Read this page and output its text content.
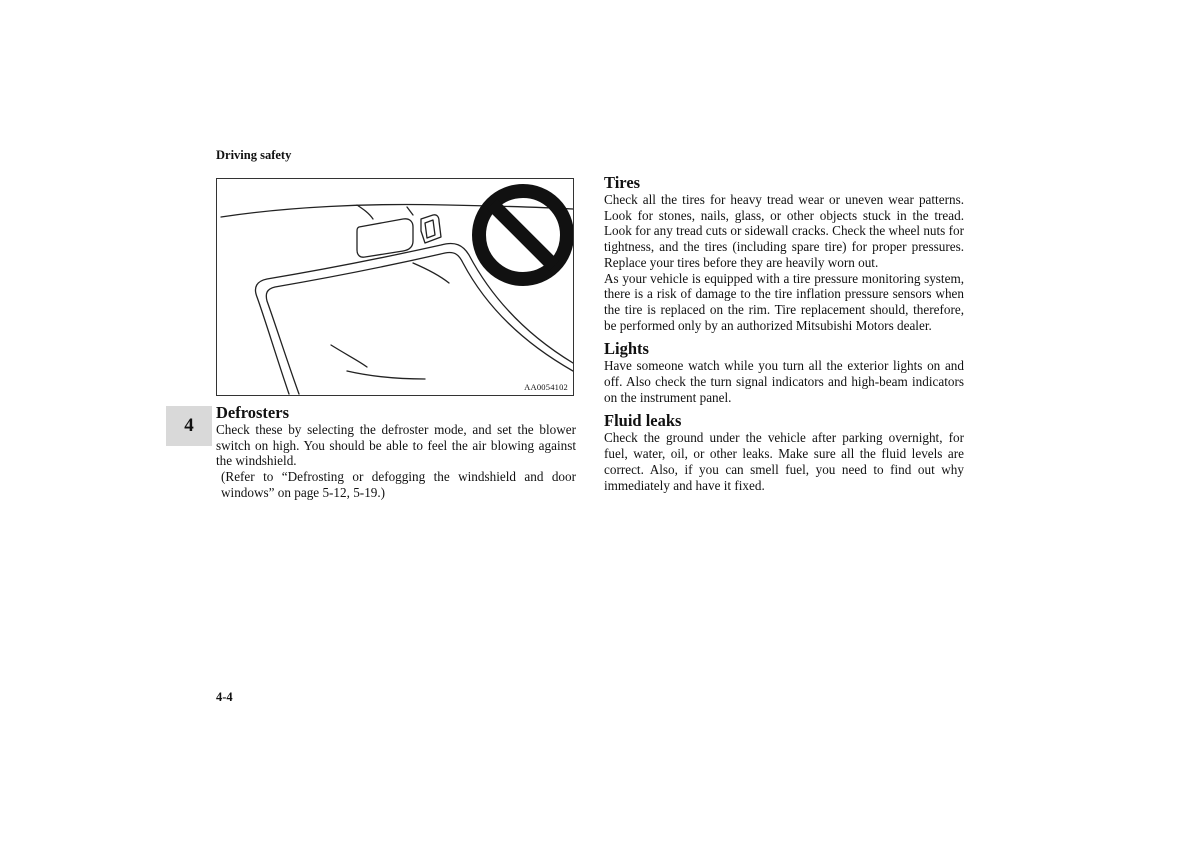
Driving safety
4
AA0054102
Defrosters

Check these by selecting the defroster mode, and set the blower switch on high. You should be able to feel the air blowing against the windshield.

(Refer to “Defrosting or defogging the windshield and door windows” on page 5-12, 5-19.)

Tires

Check all the tires for heavy tread wear or uneven wear patterns. Look for stones, nails, glass, or other objects stuck in the tread. Look for any tread cuts or sidewall cracks. Check the wheel nuts for tightness, and the tires (including spare tire) for proper pressures. Replace your tires before they are heavily worn out.

As your vehicle is equipped with a tire pressure monitoring system, there is a risk of damage to the tire inflation pressure sensors when the tire is replaced on the rim. Tire replacement should, therefore, be performed only by an authorized Mitsubishi Motors dealer.

Lights

Have someone watch while you turn all the exterior lights on and off. Also check the turn signal indicators and high-beam indicators on the instrument panel.

Fluid leaks

Check the ground under the vehicle after parking overnight, for fuel, water, oil, or other leaks. Make sure all the fluid levels are correct. Also, if you can smell fuel, you need to find out why immediately and have it fixed.

4-4
